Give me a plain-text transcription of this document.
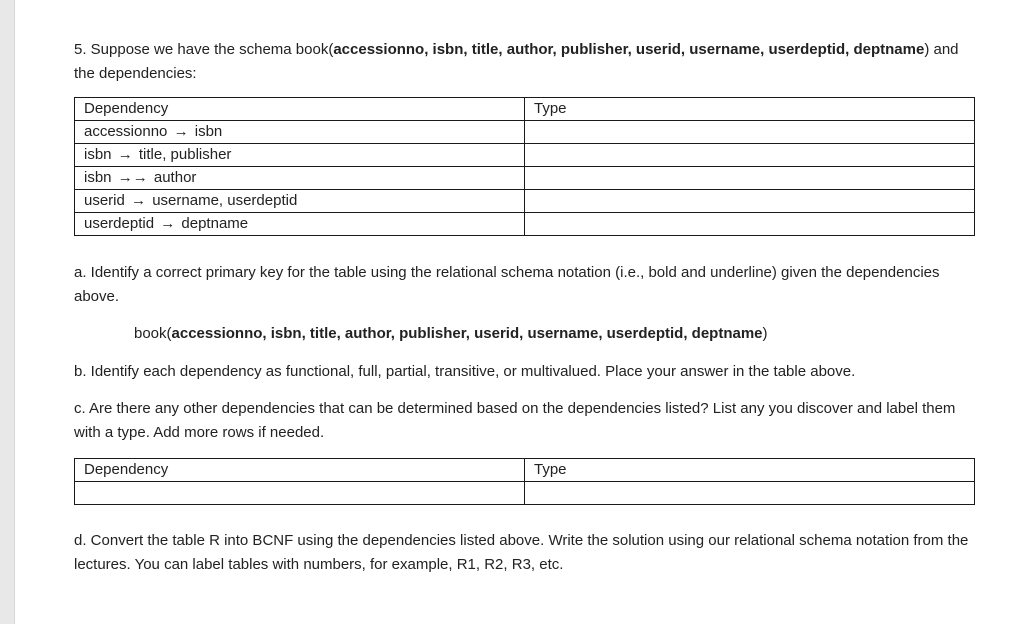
5. Suppose we have the schema book(accessionno, isbn, title, author, publisher, userid, username, userdeptid, deptname) and the dependencies:

Dependency	Type
accessionno → isbn	
isbn → title, publisher	
isbn →→ author	
userid → username, userdeptid	
userdeptid → deptname	

a. Identify a correct primary key for the table using the relational schema notation (i.e., bold and underline) given the dependencies above.

book(accessionno, isbn, title, author, publisher, userid, username, userdeptid, deptname)

b. Identify each dependency as functional, full, partial, transitive, or multivalued. Place your answer in the table above.

c. Are there any other dependencies that can be determined based on the dependencies listed? List any you discover and label them with a type. Add more rows if needed.

Dependency	Type

d. Convert the table R into BCNF using the dependencies listed above. Write the solution using our relational schema notation from the lectures. You can label tables with numbers, for example, R1, R2, R3, etc.
